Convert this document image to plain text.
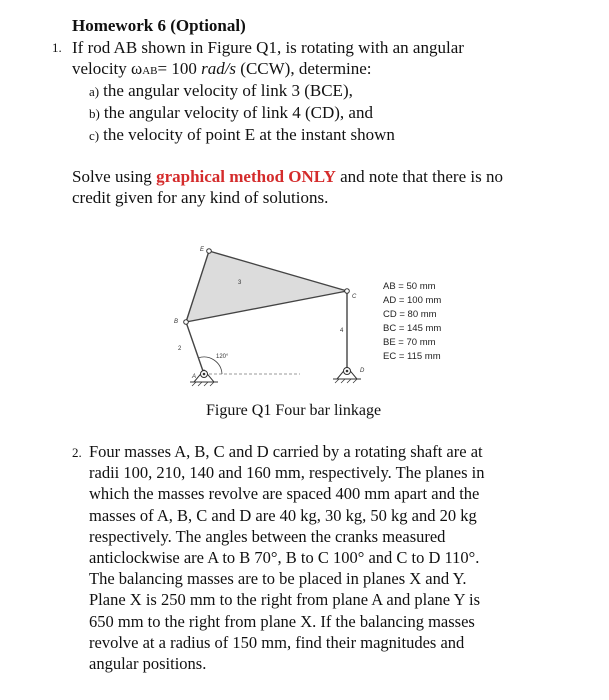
Homework 6 (Optional)
1. If rod AB shown in Figure Q1, is rotating with an angular
velocity ωAB= 100 rad/s (CCW), determine:
a) the angular velocity of link 3 (BCE),
b) the angular velocity of link 4 (CD), and
c) the velocity of point E at the instant shown
Solve using graphical method ONLY and note that there is no
credit given for any kind of solutions.
E
C
B
A
D
3
2
4
120°
AB = 50 mm
AD = 100 mm
CD = 80 mm
BC = 145 mm
BE = 70 mm
EC = 115 mm
Figure Q1 Four bar linkage
2. Four masses A, B, C and D carried by a rotating shaft are at
radii 100, 210, 140 and 160 mm, respectively. The planes in
which the masses revolve are spaced 400 mm apart and the
masses of A, B, C and D are 40 kg, 30 kg, 50 kg and 20 kg
respectively. The angles between the cranks measured
anticlockwise are A to B 70°, B to C 100° and C to D 110°.
The balancing masses are to be placed in planes X and Y.
Plane X is 250 mm to the right from plane A and plane Y is
650 mm to the right from plane X. If the balancing masses
revolve at a radius of 150 mm, find their magnitudes and
angular positions.
